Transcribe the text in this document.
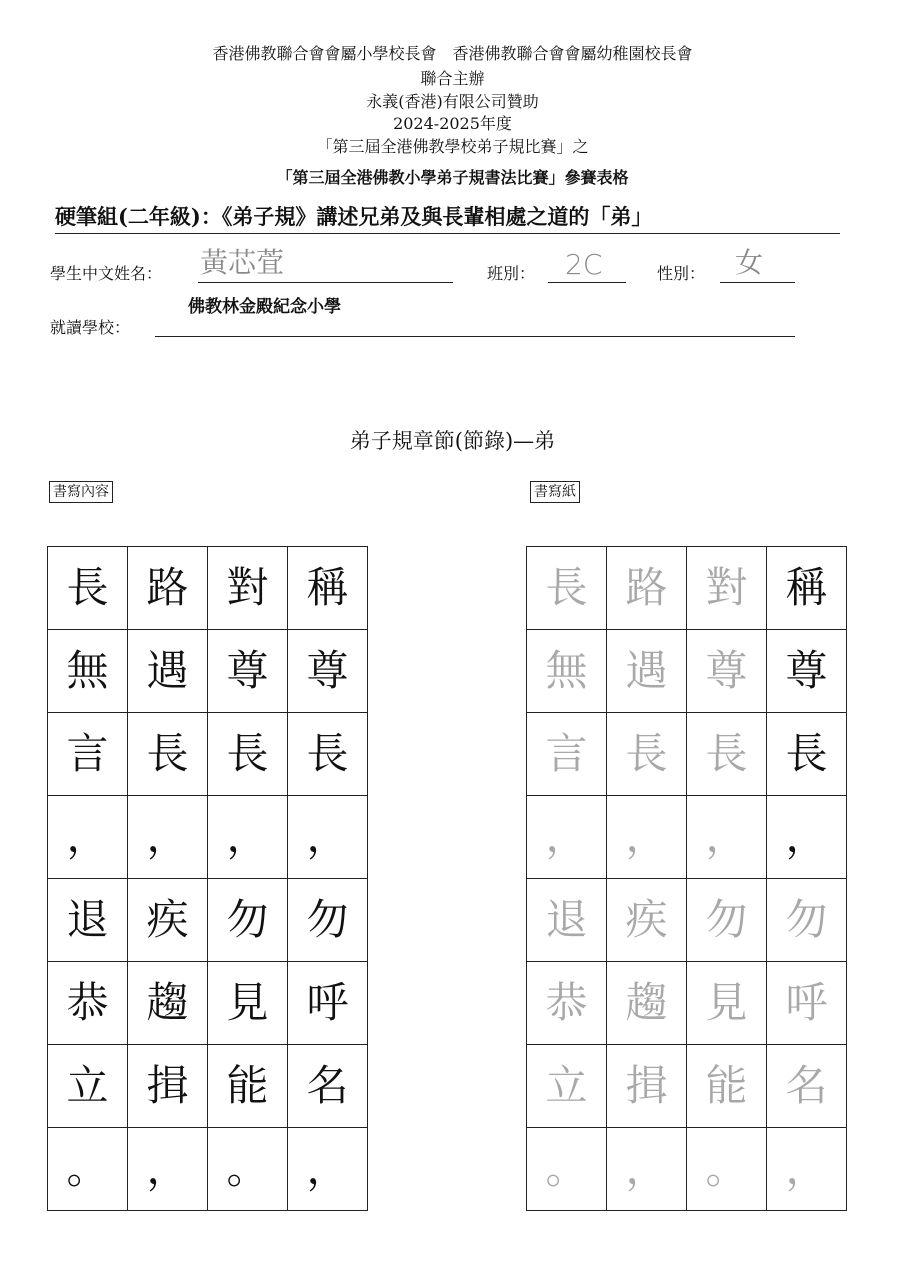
香港佛教聯合會會屬小學校長會　香港佛教聯合會會屬幼稚園校長會
聯合主辦
永義(香港)有限公司贊助
2024-2025年度
「第三屆全港佛教學校弟子規比賽」之
「第三屆全港佛教小學弟子規書法比賽」參賽表格
硬筆組(二年級)：《弟子規》講述兄弟及與長輩相處之道的「弟」
學生中文姓名： 黃芯萓	班別： 2C	性別： 女
佛教林金殿紀念小學
就讀學校：
弟子規章節(節錄)—弟
書寫內容	書寫紙
長 路 對 稱
無 遇 尊 尊
言 長 長 長
， ， ， ，
退 疾 勿 勿
恭 趨 見 呼
立 揖 能 名
。 ， 。 ，
長 路 對 稱
無 遇 尊 尊
言 長 長 長
， ， ， ，
退 疾 勿 勿
恭 趨 見 呼
立 揖 能 名
。 ， 。 ，
